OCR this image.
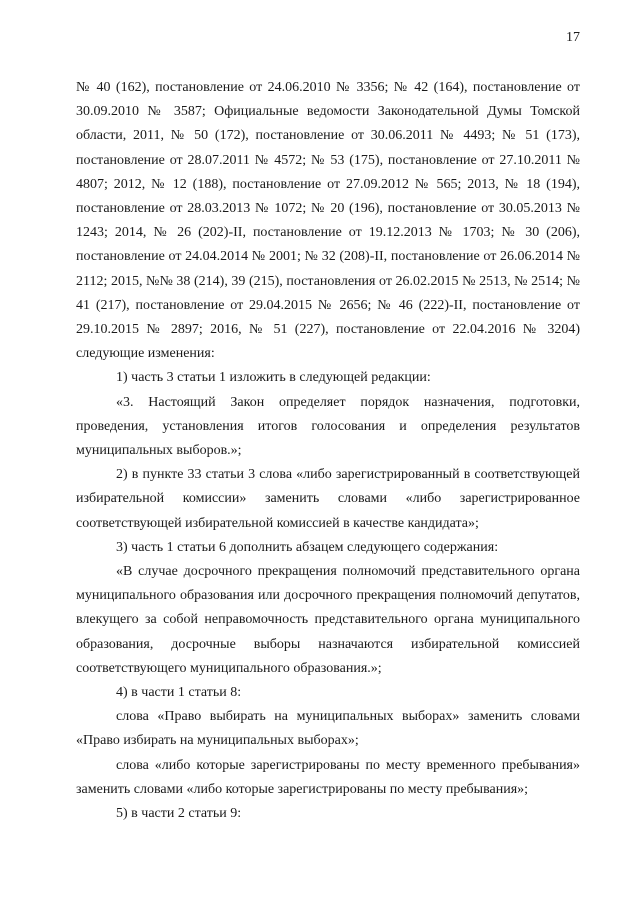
17

№ 40 (162), постановление от 24.06.2010 № 3356; № 42 (164), постановление от 30.09.2010 № 3587; Официальные ведомости Законодательной Думы Томской области, 2011, № 50 (172), постановление от 30.06.2011 № 4493; № 51 (173), постановление от 28.07.2011 № 4572; № 53 (175), постановление от 27.10.2011 № 4807; 2012, № 12 (188), постановление от 27.09.2012 № 565; 2013, № 18 (194), постановление от 28.03.2013 № 1072; № 20 (196), постановление от 30.05.2013 № 1243; 2014, № 26 (202)-II, постановление от 19.12.2013 № 1703; № 30 (206), постановление от 24.04.2014 № 2001; № 32 (208)-II, постановление от 26.06.2014 № 2112; 2015, №№ 38 (214), 39 (215), постановления от 26.02.2015 № 2513, № 2514; № 41 (217), постановление от 29.04.2015 № 2656; № 46 (222)-II, постановление от 29.10.2015 № 2897; 2016, № 51 (227), постановление от 22.04.2016 № 3204) следующие изменения:

1) часть 3 статьи 1 изложить в следующей редакции:

«3. Настоящий Закон определяет порядок назначения, подготовки, проведения, установления итогов голосования и определения результатов муниципальных выборов.»;

2) в пункте 33 статьи 3 слова «либо зарегистрированный в соответствующей избирательной комиссии» заменить словами «либо зарегистрированное соответствующей избирательной комиссией в качестве кандидата»;

3) часть 1 статьи 6 дополнить абзацем следующего содержания:

«В случае досрочного прекращения полномочий представительного органа муниципального образования или досрочного прекращения полномочий депутатов, влекущего за собой неправомочность представительного органа муниципального образования, досрочные выборы назначаются избирательной комиссией соответствующего муниципального образования.»;

4) в части 1 статьи 8:

слова «Право выбирать на муниципальных выборах» заменить словами «Право избирать на муниципальных выборах»;

слова «либо которые зарегистрированы по месту временного пребывания» заменить словами «либо которые зарегистрированы по месту пребывания»;

5) в части 2 статьи 9:
